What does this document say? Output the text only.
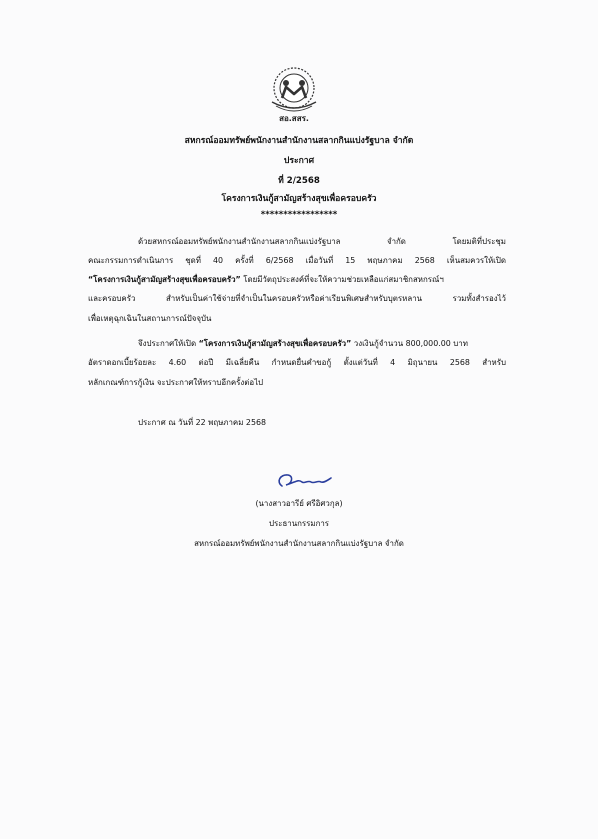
สอ.สสร.
สหกรณ์ออมทรัพย์พนักงานสำนักงานสลากกินแบ่งรัฐบาล จำกัด
ประกาศ
ที่ 2/2568
โครงการเงินกู้สามัญสร้างสุขเพื่อครอบครัว
*****************
ด้วยสหกรณ์ออมทรัพย์พนักงานสำนักงานสลากกินแบ่งรัฐบาล จำกัด โดยมติที่ประชุม
คณะกรรมการดำเนินการ ชุดที่ 40 ครั้งที่ 6/2568 เมื่อวันที่ 15 พฤษภาคม 2568 เห็นสมควรให้เปิด
“โครงการเงินกู้สามัญสร้างสุขเพื่อครอบครัว” โดยมีวัตถุประสงค์ที่จะให้ความช่วยเหลือแก่สมาชิกสหกรณ์ฯ
และครอบครัว สำหรับเป็นค่าใช้จ่ายที่จำเป็นในครอบครัวหรือค่าเรียนพิเศษสำหรับบุตรหลาน รวมทั้งสำรองไว้
เพื่อเหตุฉุกเฉินในสถานการณ์ปัจจุบัน
จึงประกาศให้เปิด “โครงการเงินกู้สามัญสร้างสุขเพื่อครอบครัว” วงเงินกู้จำนวน 800,000.00 บาท
อัตราดอกเบี้ยร้อยละ 4.60 ต่อปี มีเฉลี่ยคืน กำหนดยื่นคำขอกู้ ตั้งแต่วันที่ 4 มิถุนายน 2568 สำหรับ
หลักเกณฑ์การกู้เงิน จะประกาศให้ทราบอีกครั้งต่อไป
ประกาศ ณ วันที่ 22 พฤษภาคม 2568
(นางสาวอารีย์ ศรีอิศวกุล)
ประธานกรรมการ
สหกรณ์ออมทรัพย์พนักงานสำนักงานสลากกินแบ่งรัฐบาล จำกัด
